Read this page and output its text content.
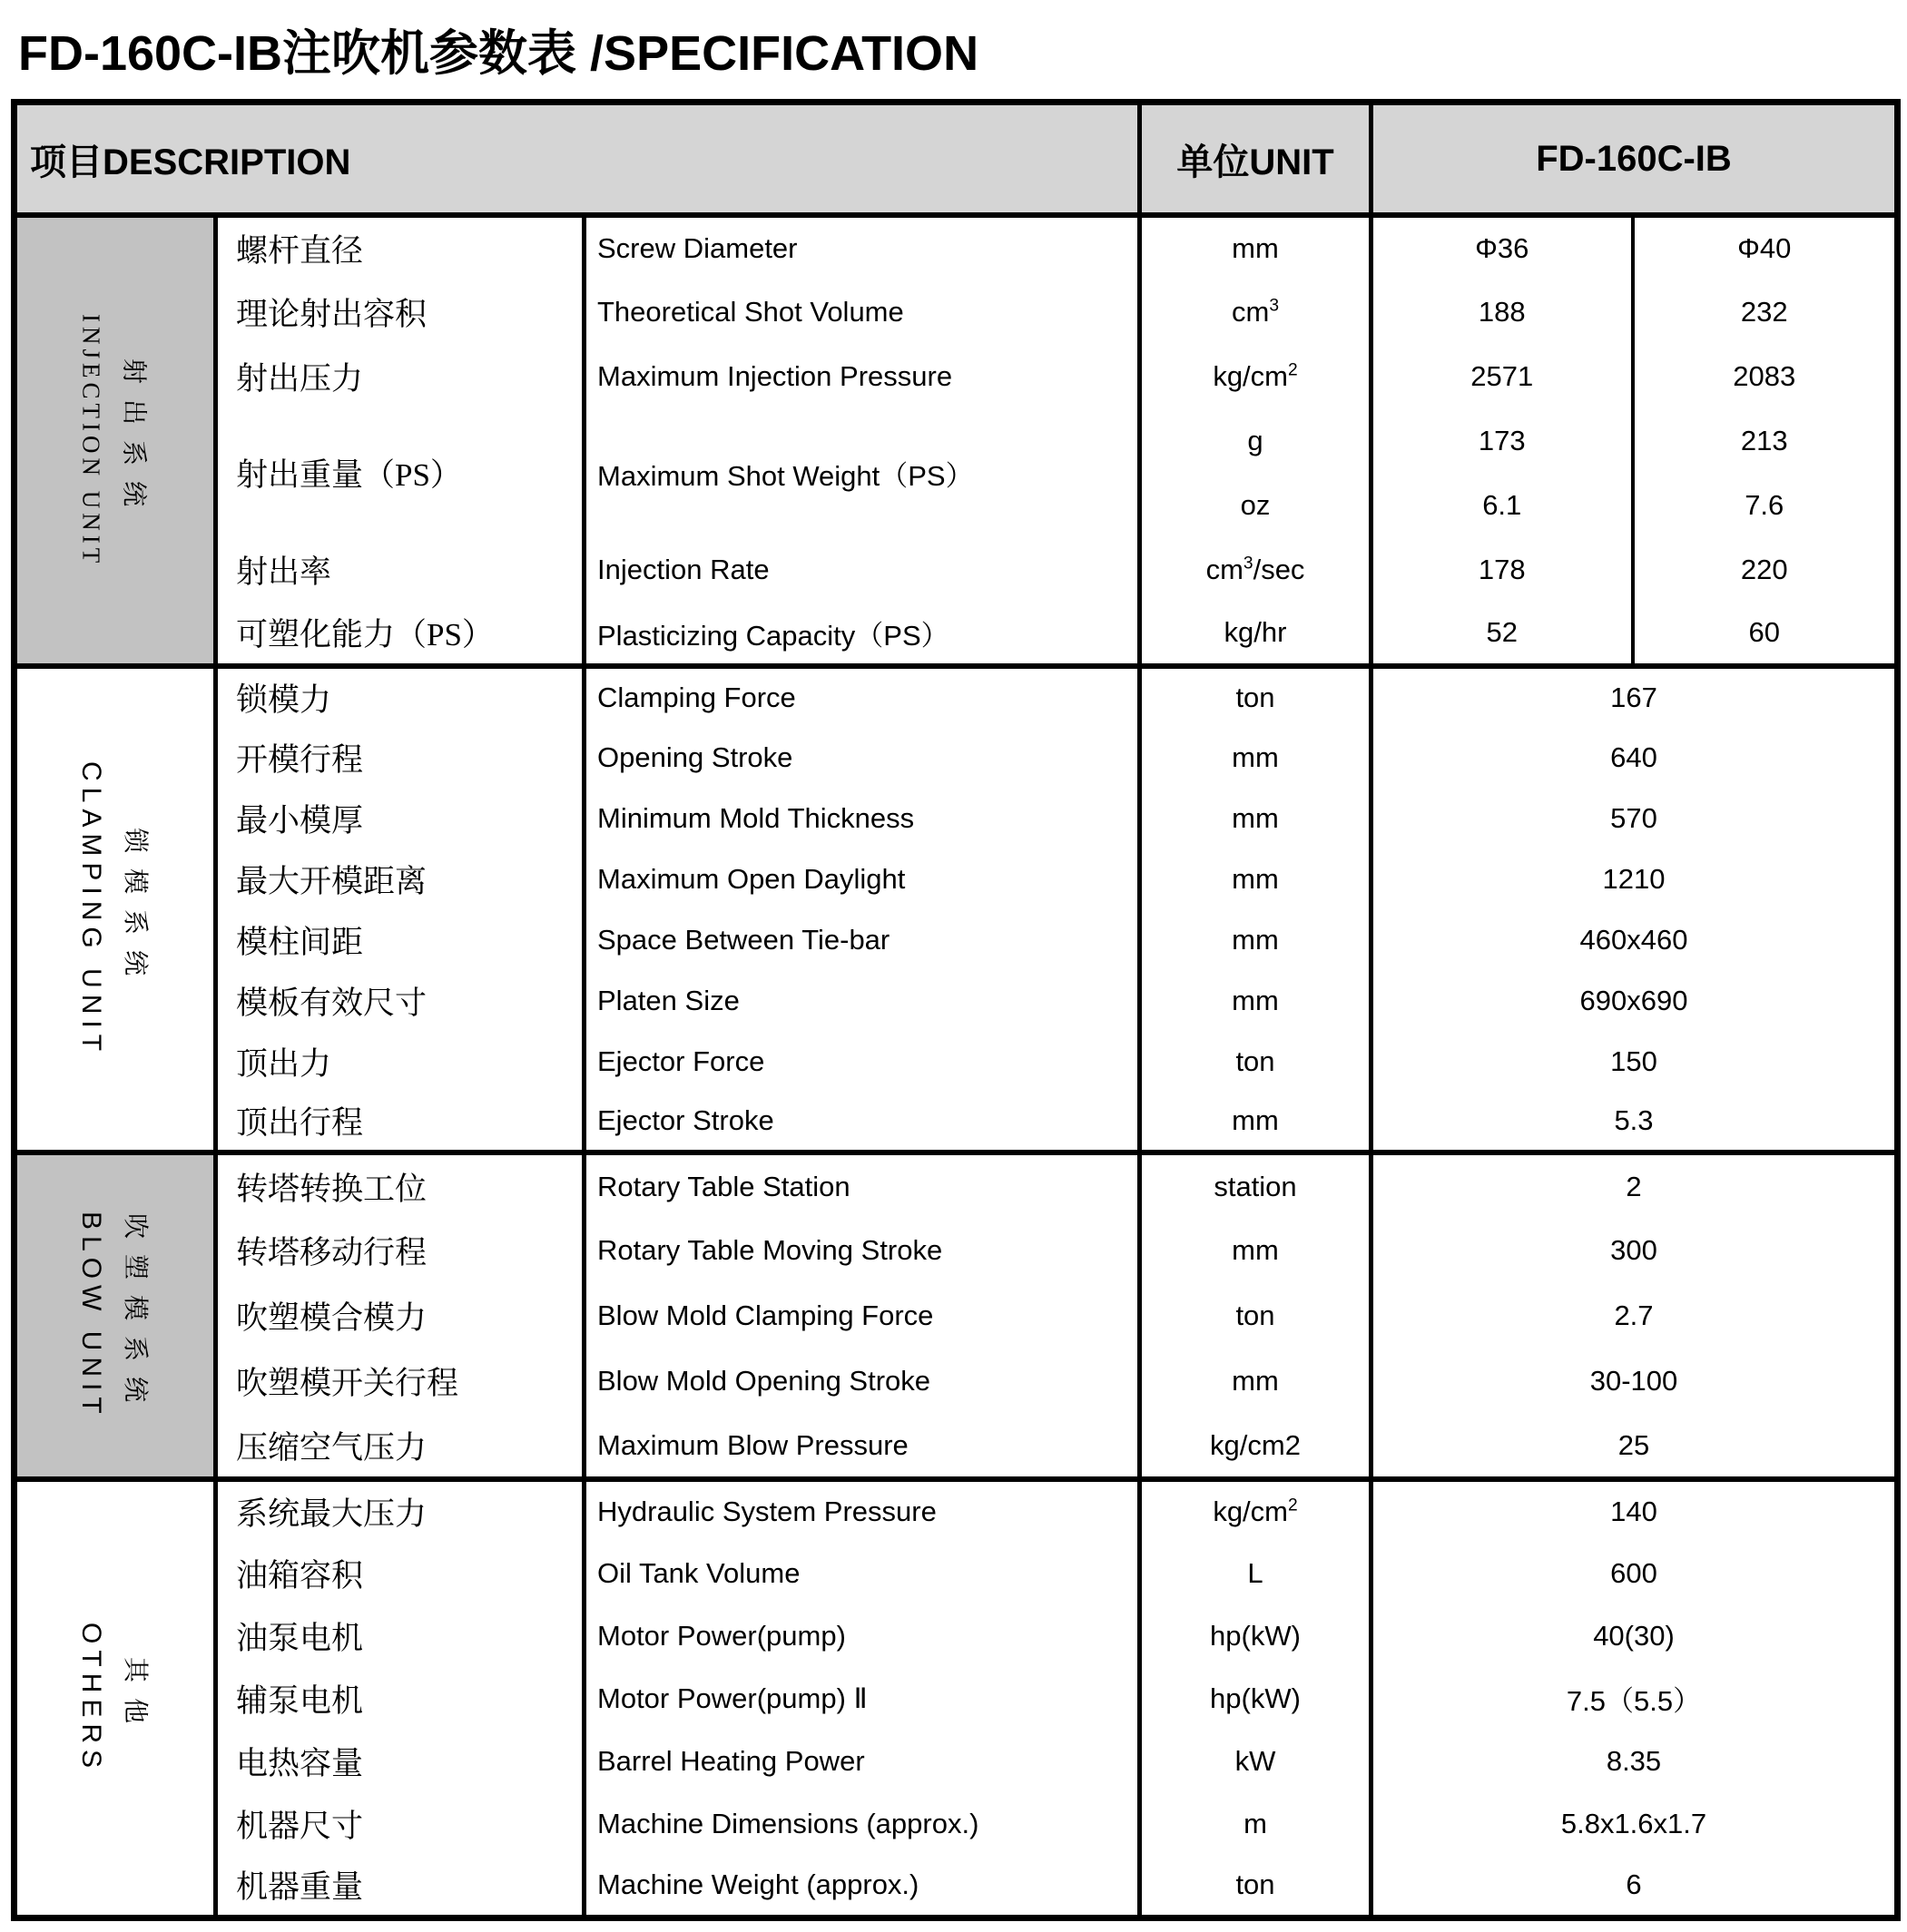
FD-160C-IB注吹机参数表 /SPECIFICATION
项目DESCRIPTION			单位UNIT	FD-160C-IB	
INJECTION UNIT 射出系统	螺杆直径	Screw Diameter	mm	Φ36	Φ40
	理论射出容积	Theoretical Shot Volume	$cm^3$	188	232
	射出压力	Maximum Injection Pressure	$kg/cm^2$	2571	2083
	射出重量（PS）	Maximum Shot Weight（PS）	g	173	213
			oz	6.1	7.6
	射出率	Injection Rate	$cm^3/\sec$	178	220
	可塑化能力（PS）	Plasticizing Capacity（PS）	kg/hr	52	60
CLAMPING UNIT 锁模系统	锁模力	Clamping Force	ton	167	
	开模行程	Opening Stroke	mm	640	
	最小模厚	Minimum Mold Thickness	mm	570	
	最大开模距离	Maximum Open Daylight	mm	1210	
	模柱间距	Space Between Tie-bar	mm	460x460	
	模板有效尺寸	Platen Size	mm	690x690	
	顶出力	Ejector Force	ton	150	
	顶出行程	Ejector Stroke	mm	5.3	
BLOW UNIT 吹塑模系统	转塔转换工位	Rotary Table Station	station	2	
	转塔移动行程	Rotary Table Moving Stroke	mm	300	
	吹塑模合模力	Blow Mold Clamping Force	ton	2.7	
	吹塑模开关行程	Blow Mold Opening Stroke	mm	30-100	
	压缩空气压力	Maximum Blow Pressure	kg/cm2	25	
OTHERS 其他	系统最大压力	Hydraulic System Pressure	$kg/cm^2$	140	
	油箱容积	Oil Tank Volume	L	600	
	油泵电机	Motor Power(pump)	hp(kW)	40(30)	
	辅泵电机	Motor Power(pump) Ⅱ	hp(kW)	7.5（5.5）	
	电热容量	Barrel Heating Power	kW	8.35	
	机器尺寸	Machine Dimensions (approx.)	m	5.8x1.6x1.7	
	机器重量	Machine Weight (approx.)	ton	6	
